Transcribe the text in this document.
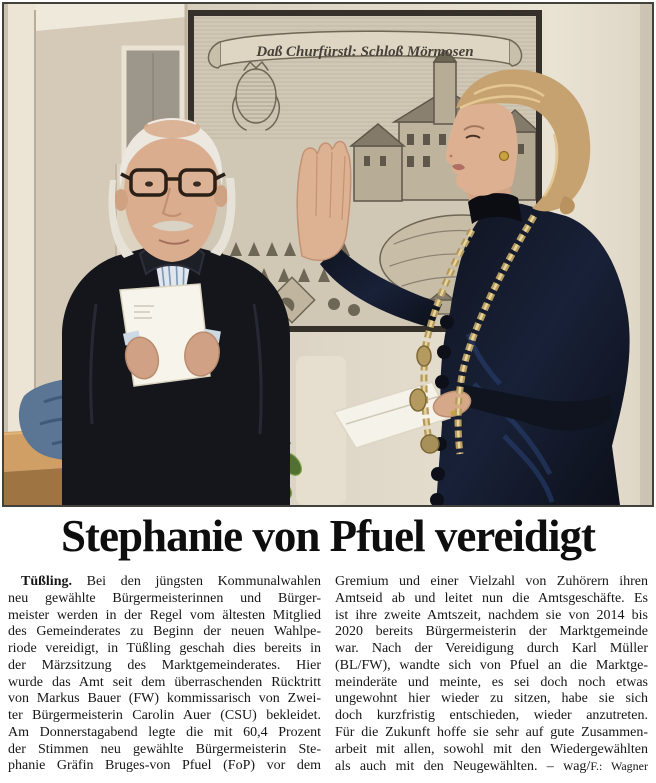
Daß Churfürstl: Schloß Mörmosen
Stephanie von Pfuel vereidigt
Tüßling. Bei den jüngsten Kommunalwahlen
neu gewählte Bürgermeisterinnen und Bürger-
meister werden in der Regel vom ältesten Mitglied
des Gemeinderates zu Beginn der neuen Wahlpe-
riode vereidigt, in Tüßling geschah dies bereits in
der Märzsitzung des Marktgemeinderates. Hier
wurde das Amt seit dem überraschenden Rücktritt
von Markus Bauer (FW) kommissarisch von Zwei-
ter Bürgermeisterin Carolin Auer (CSU) bekleidet.
Am Donnerstagabend legte die mit 60,4 Prozent
der Stimmen neu gewählte Bürgermeisterin Ste-
phanie Gräfin Bruges-von Pfuel (FoP) vor dem
Gremium und einer Vielzahl von Zuhörern ihren
Amtseid ab und leitet nun die Amtsgeschäfte. Es
ist ihre zweite Amtszeit, nachdem sie von 2014 bis
2020 bereits Bürgermeisterin der Marktgemeinde
war. Nach der Vereidigung durch Karl Müller
(BL/FW), wandte sich von Pfuel an die Marktge-
meinderäte und meinte, es sei doch noch etwas
ungewohnt hier wieder zu sitzen, habe sie sich
doch kurzfristig entschieden, wieder anzutreten.
Für die Zukunft hoffe sie sehr auf gute Zusammen-
arbeit mit allen, sowohl mit den Wiedergewählten
als auch mit den Neugewählten. – wag/F.: Wagner
